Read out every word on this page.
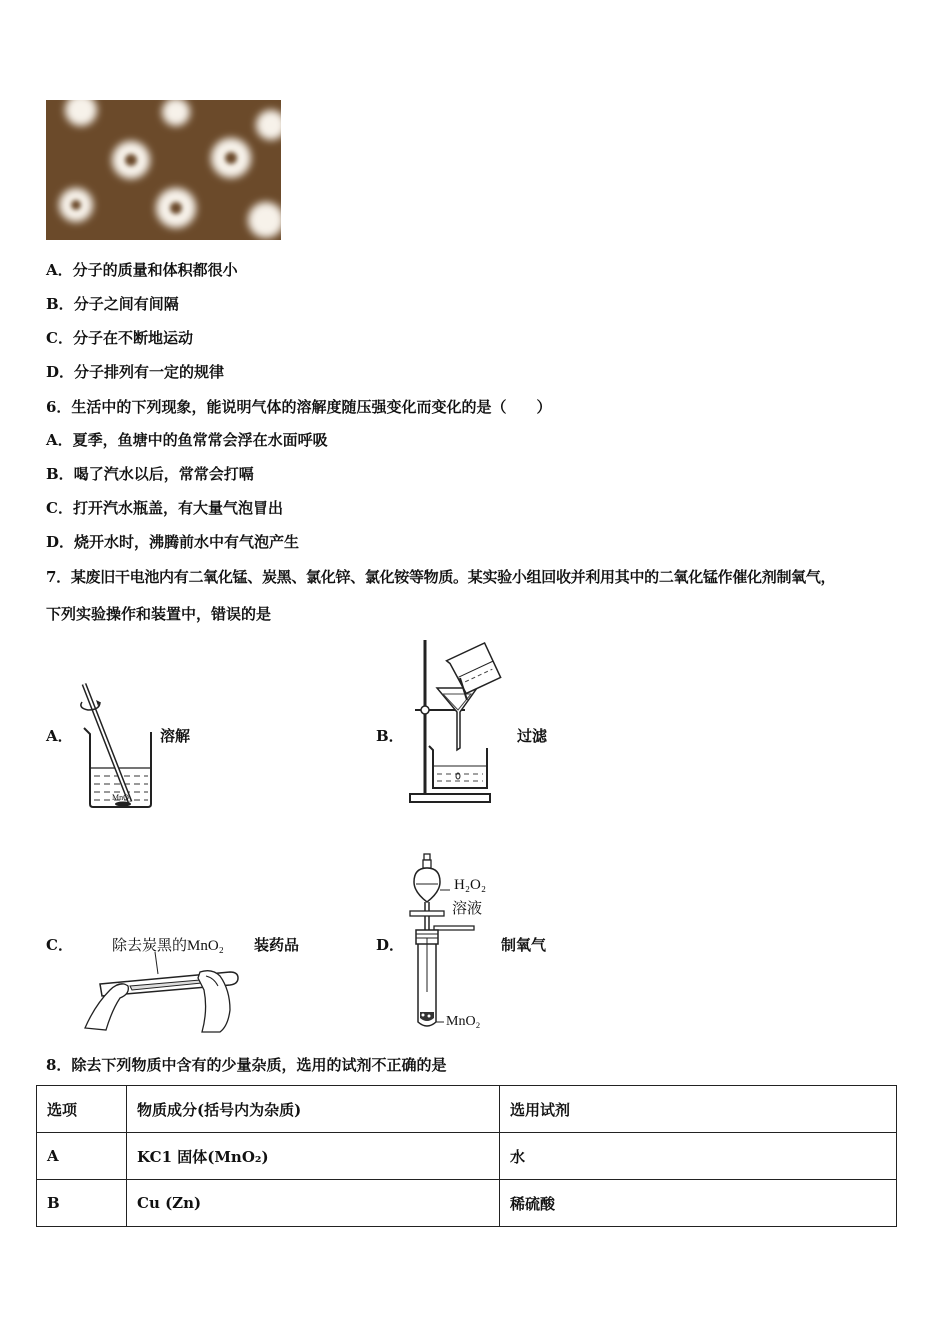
A．分子的质量和体积都很小
B．分子之间有间隔
C．分子在不断地运动
D．分子排列有一定的规律
6．生活中的下列现象，能说明气体的溶解度随压强变化而变化的是（　　）
A．夏季，鱼塘中的鱼常常会浮在水面呼吸
B．喝了汽水以后，常常会打嗝
C．打开汽水瓶盖，有大量气泡冒出
D．烧开水时，沸腾前水中有气泡产生
7．某废旧干电池内有二氧化锰、炭黑、氯化锌、氯化铵等物质。某实验小组回收并利用其中的二氧化锰作催化剂制氧气，
下列实验操作和装置中，错误的是
A．	溶解	B．	过滤
C．	除去炭黑的MnO₂ 装药品	D．
H₂O₂
溶液
MnO₂
制氧气
MnO₂
8．除去下列物质中含有的少量杂质，选用的试剂不正确的是
选项	物质成分(括号内为杂质)	选用试剂
A	KC1 固体(MnO₂)	水
B	Cu (Zn)	稀硫酸
